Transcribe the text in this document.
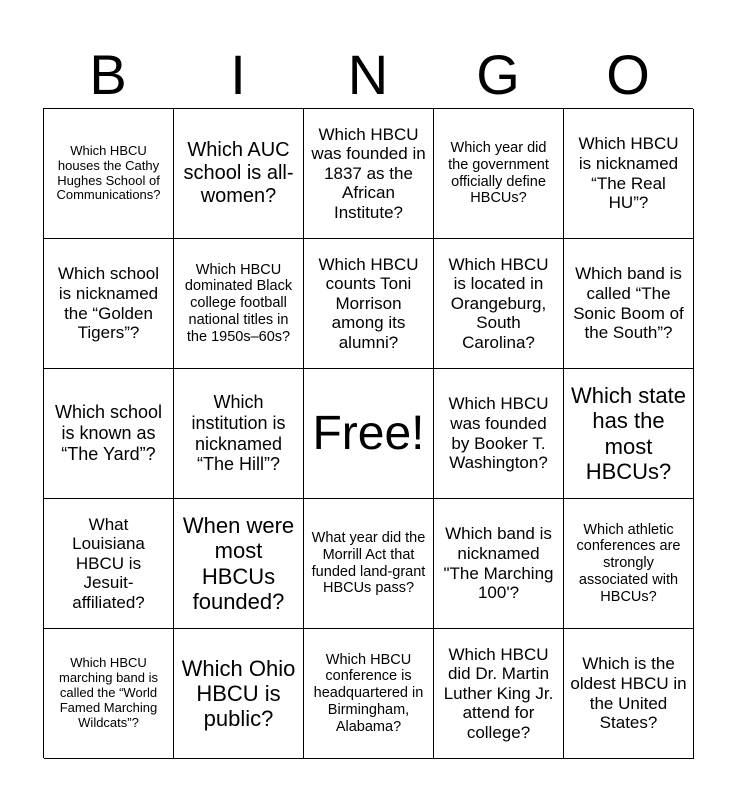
B	I	N	G	O
Which HBCU houses the Cathy Hughes School of Communications?
Which AUC school is all-women?
Which HBCU was founded in 1837 as the African Institute?
Which year did the government officially define HBCUs?
Which HBCU is nicknamed “The Real HU”?
Which school is nicknamed the “Golden Tigers”?
Which HBCU dominated Black college football national titles in the 1950s–60s?
Which HBCU counts Toni Morrison among its alumni?
Which HBCU is located in Orangeburg, South Carolina?
Which band is called “The Sonic Boom of the South”?
Which school is known as “The Yard”?
Which institution is nicknamed “The Hill”?
Free!
Which HBCU was founded by Booker T. Washington?
Which state has the most HBCUs?
What Louisiana HBCU is Jesuit-affiliated?
When were most HBCUs founded?
What year did the Morrill Act that funded land-grant HBCUs pass?
Which band is nicknamed "The Marching 100'?
Which athletic conferences are strongly associated with HBCUs?
Which HBCU marching band is called the “World Famed Marching Wildcats”?
Which Ohio HBCU is public?
Which HBCU conference is headquartered in Birmingham, Alabama?
Which HBCU did Dr. Martin Luther King Jr. attend for college?
Which is the oldest HBCU in the United States?
